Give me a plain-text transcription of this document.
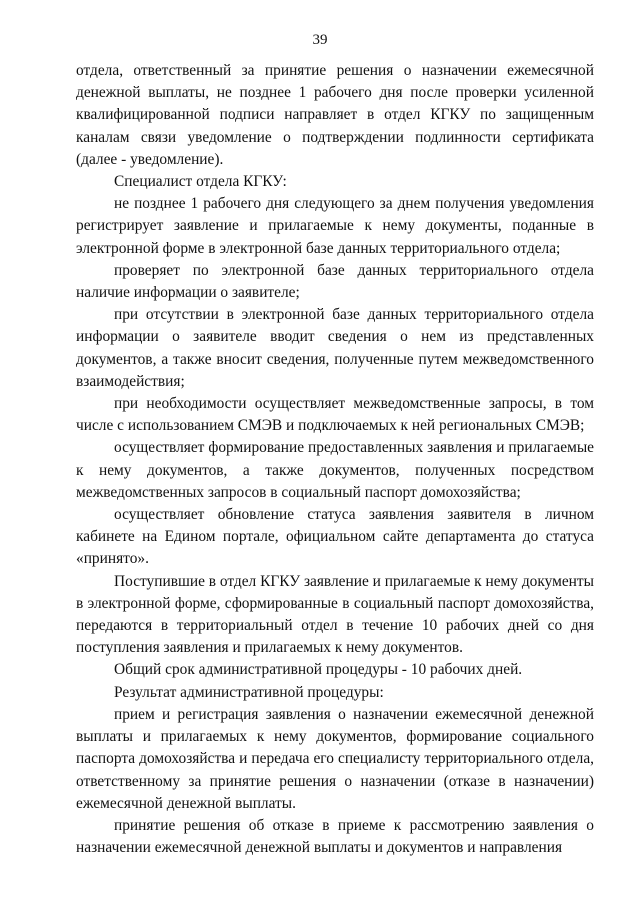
39

отдела, ответственный за принятие решения о назначении ежемесячной денежной выплаты, не позднее 1 рабочего дня после проверки усиленной квалифицированной подписи направляет в отдел КГКУ по защищенным каналам связи уведомление о подтверждении подлинности сертификата (далее - уведомление).

Специалист отдела КГКУ:

не позднее 1 рабочего дня следующего за днем получения уведомления регистрирует заявление и прилагаемые к нему документы, поданные в электронной форме в электронной базе данных территориального отдела;

проверяет по электронной базе данных территориального отдела наличие информации о заявителе;

при отсутствии в электронной базе данных территориального отдела информации о заявителе вводит сведения о нем из представленных документов, а также вносит сведения, полученные путем межведомственного взаимодействия;

при необходимости осуществляет межведомственные запросы, в том числе с использованием СМЭВ и подключаемых к ней региональных СМЭВ;

осуществляет формирование предоставленных заявления и прилагаемые к нему документов, а также документов, полученных посредством межведомственных запросов в социальный паспорт домохозяйства;

осуществляет обновление статуса заявления заявителя в личном кабинете на Едином портале, официальном сайте департамента до статуса «принято».

Поступившие в отдел КГКУ заявление и прилагаемые к нему документы в электронной форме, сформированные в социальный паспорт домохозяйства, передаются в территориальный отдел в течение 10 рабочих дней со дня поступления заявления и прилагаемых к нему документов.

Общий срок административной процедуры - 10 рабочих дней.

Результат административной процедуры:

прием и регистрация заявления о назначении ежемесячной денежной выплаты и прилагаемых к нему документов, формирование социального паспорта домохозяйства и передача его специалисту территориального отдела, ответственному за принятие решения о назначении (отказе в назначении) ежемесячной денежной выплаты.

принятие решения об отказе в приеме к рассмотрению заявления о назначении ежемесячной денежной выплаты и документов и направления
